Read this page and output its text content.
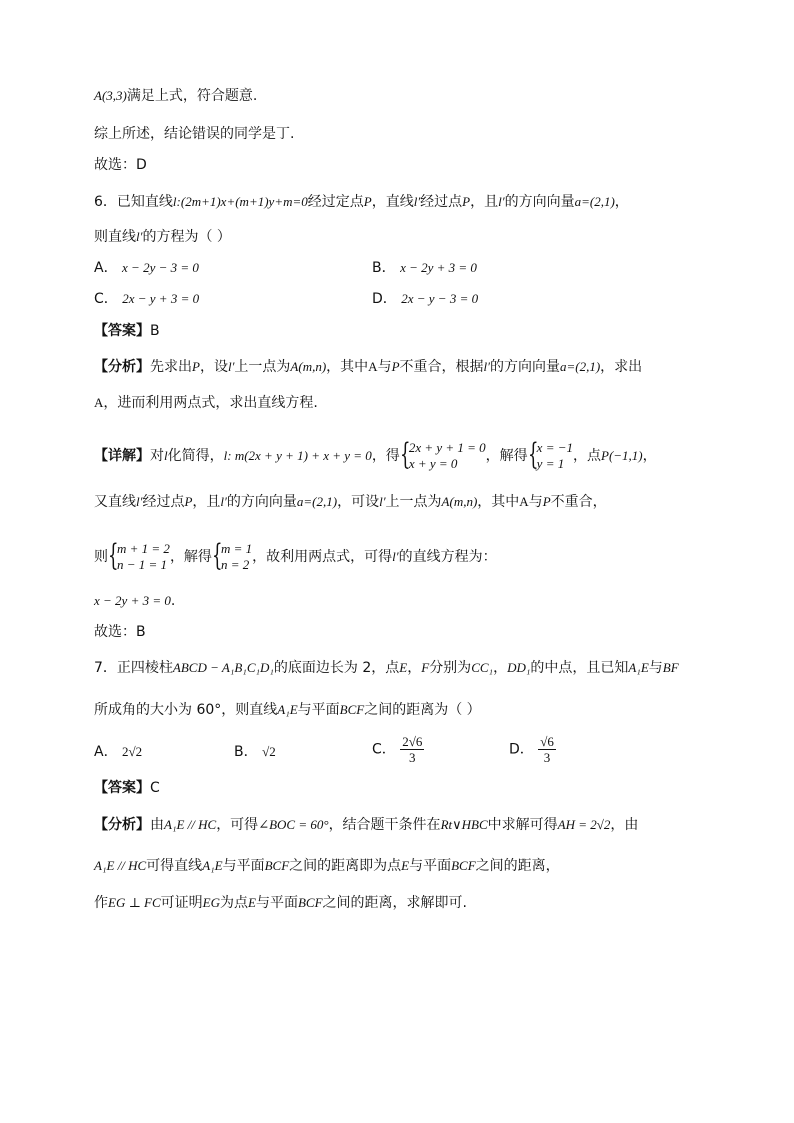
A(3,3)满足上式，符合题意.
综上所述，结论错误的同学是丁.
故选：D
6．已知直线l:(2m+1)x+(m+1)y+m=0经过定点P，直线l′经过点P，且l′的方向向量a=(2,1)，
则直线l′的方程为（ ）
A． x − 2y − 3 = 0	B． x − 2y + 3 = 0
C． 2x − y + 3 = 0	D． 2x − y − 3 = 0
【答案】B
【分析】先求出P，设l′上一点为A(m,n)，其中A与P不重合，根据l′的方向向量a=(2,1)，求出
A，进而利用两点式，求出直线方程.
【详解】对l化简得，l: m(2x + y + 1) + x + y = 0，得 {
2x + y + 1 = 0
x + y = 0	，解得 {
x = −1
y = 1 ，点P(−1,1)，
又直线l′经过点P，且l′的方向向量a=(2,1)，可设l′上一点为A(m,n)，其中A与P不重合，
则 {
m + 1 = 2
n − 1 = 1 ，解得 {
m = 1
n = 2 ，故利用两点式，可得l′的直线方程为：
x − 2y + 3 = 0.
故选：B
7．正四棱柱ABCD − A₁B₁C₁D₁的底面边长为 2，点E，F分别为CC₁，DD₁的中点，且已知A₁E与BF
所成角的大小为 60°，则直线A₁E与平面BCF之间的距离为（ ）
A． 2√2	B． √2	C． $\frac{2√6}{3}$	D． $\frac{√6}{3}$
【答案】C
【分析】由A₁E // HC，可得∠BOC = 60°，结合题干条件在Rt∨HBC中求解可得AH = 2√2，由
A₁E // HC可得直线A₁E与平面BCF之间的距离即为点E与平面BCF之间的距离，
作EG ⊥ FC可证明EG为点E与平面BCF之间的距离，求解即可.
